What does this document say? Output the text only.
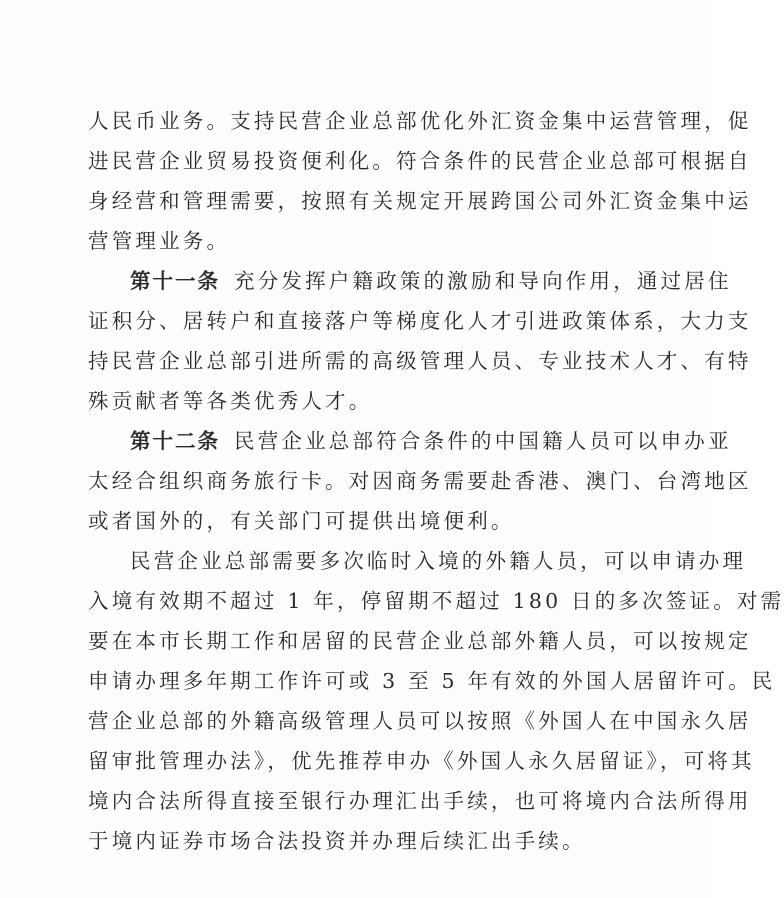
人民币业务。支持民营企业总部优化外汇资金集中运营管理，促
进民营企业贸易投资便利化。符合条件的民营企业总部可根据自
身经营和管理需要，按照有关规定开展跨国公司外汇资金集中运
营管理业务。
第十一条 充分发挥户籍政策的激励和导向作用，通过居住
证积分、居转户和直接落户等梯度化人才引进政策体系，大力支
持民营企业总部引进所需的高级管理人员、专业技术人才、有特
殊贡献者等各类优秀人才。
第十二条 民营企业总部符合条件的中国籍人员可以申办亚
太经合组织商务旅行卡。对因商务需要赴香港、澳门、台湾地区
或者国外的，有关部门可提供出境便利。
民营企业总部需要多次临时入境的外籍人员，可以申请办理
入境有效期不超过 1 年，停留期不超过 180 日的多次签证。对需
要在本市长期工作和居留的民营企业总部外籍人员，可以按规定
申请办理多年期工作许可或 3 至 5 年有效的外国人居留许可。民
营企业总部的外籍高级管理人员可以按照《外国人在中国永久居
留审批管理办法》，优先推荐申办《外国人永久居留证》，可将其
境内合法所得直接至银行办理汇出手续，也可将境内合法所得用
于境内证券市场合法投资并办理后续汇出手续。
